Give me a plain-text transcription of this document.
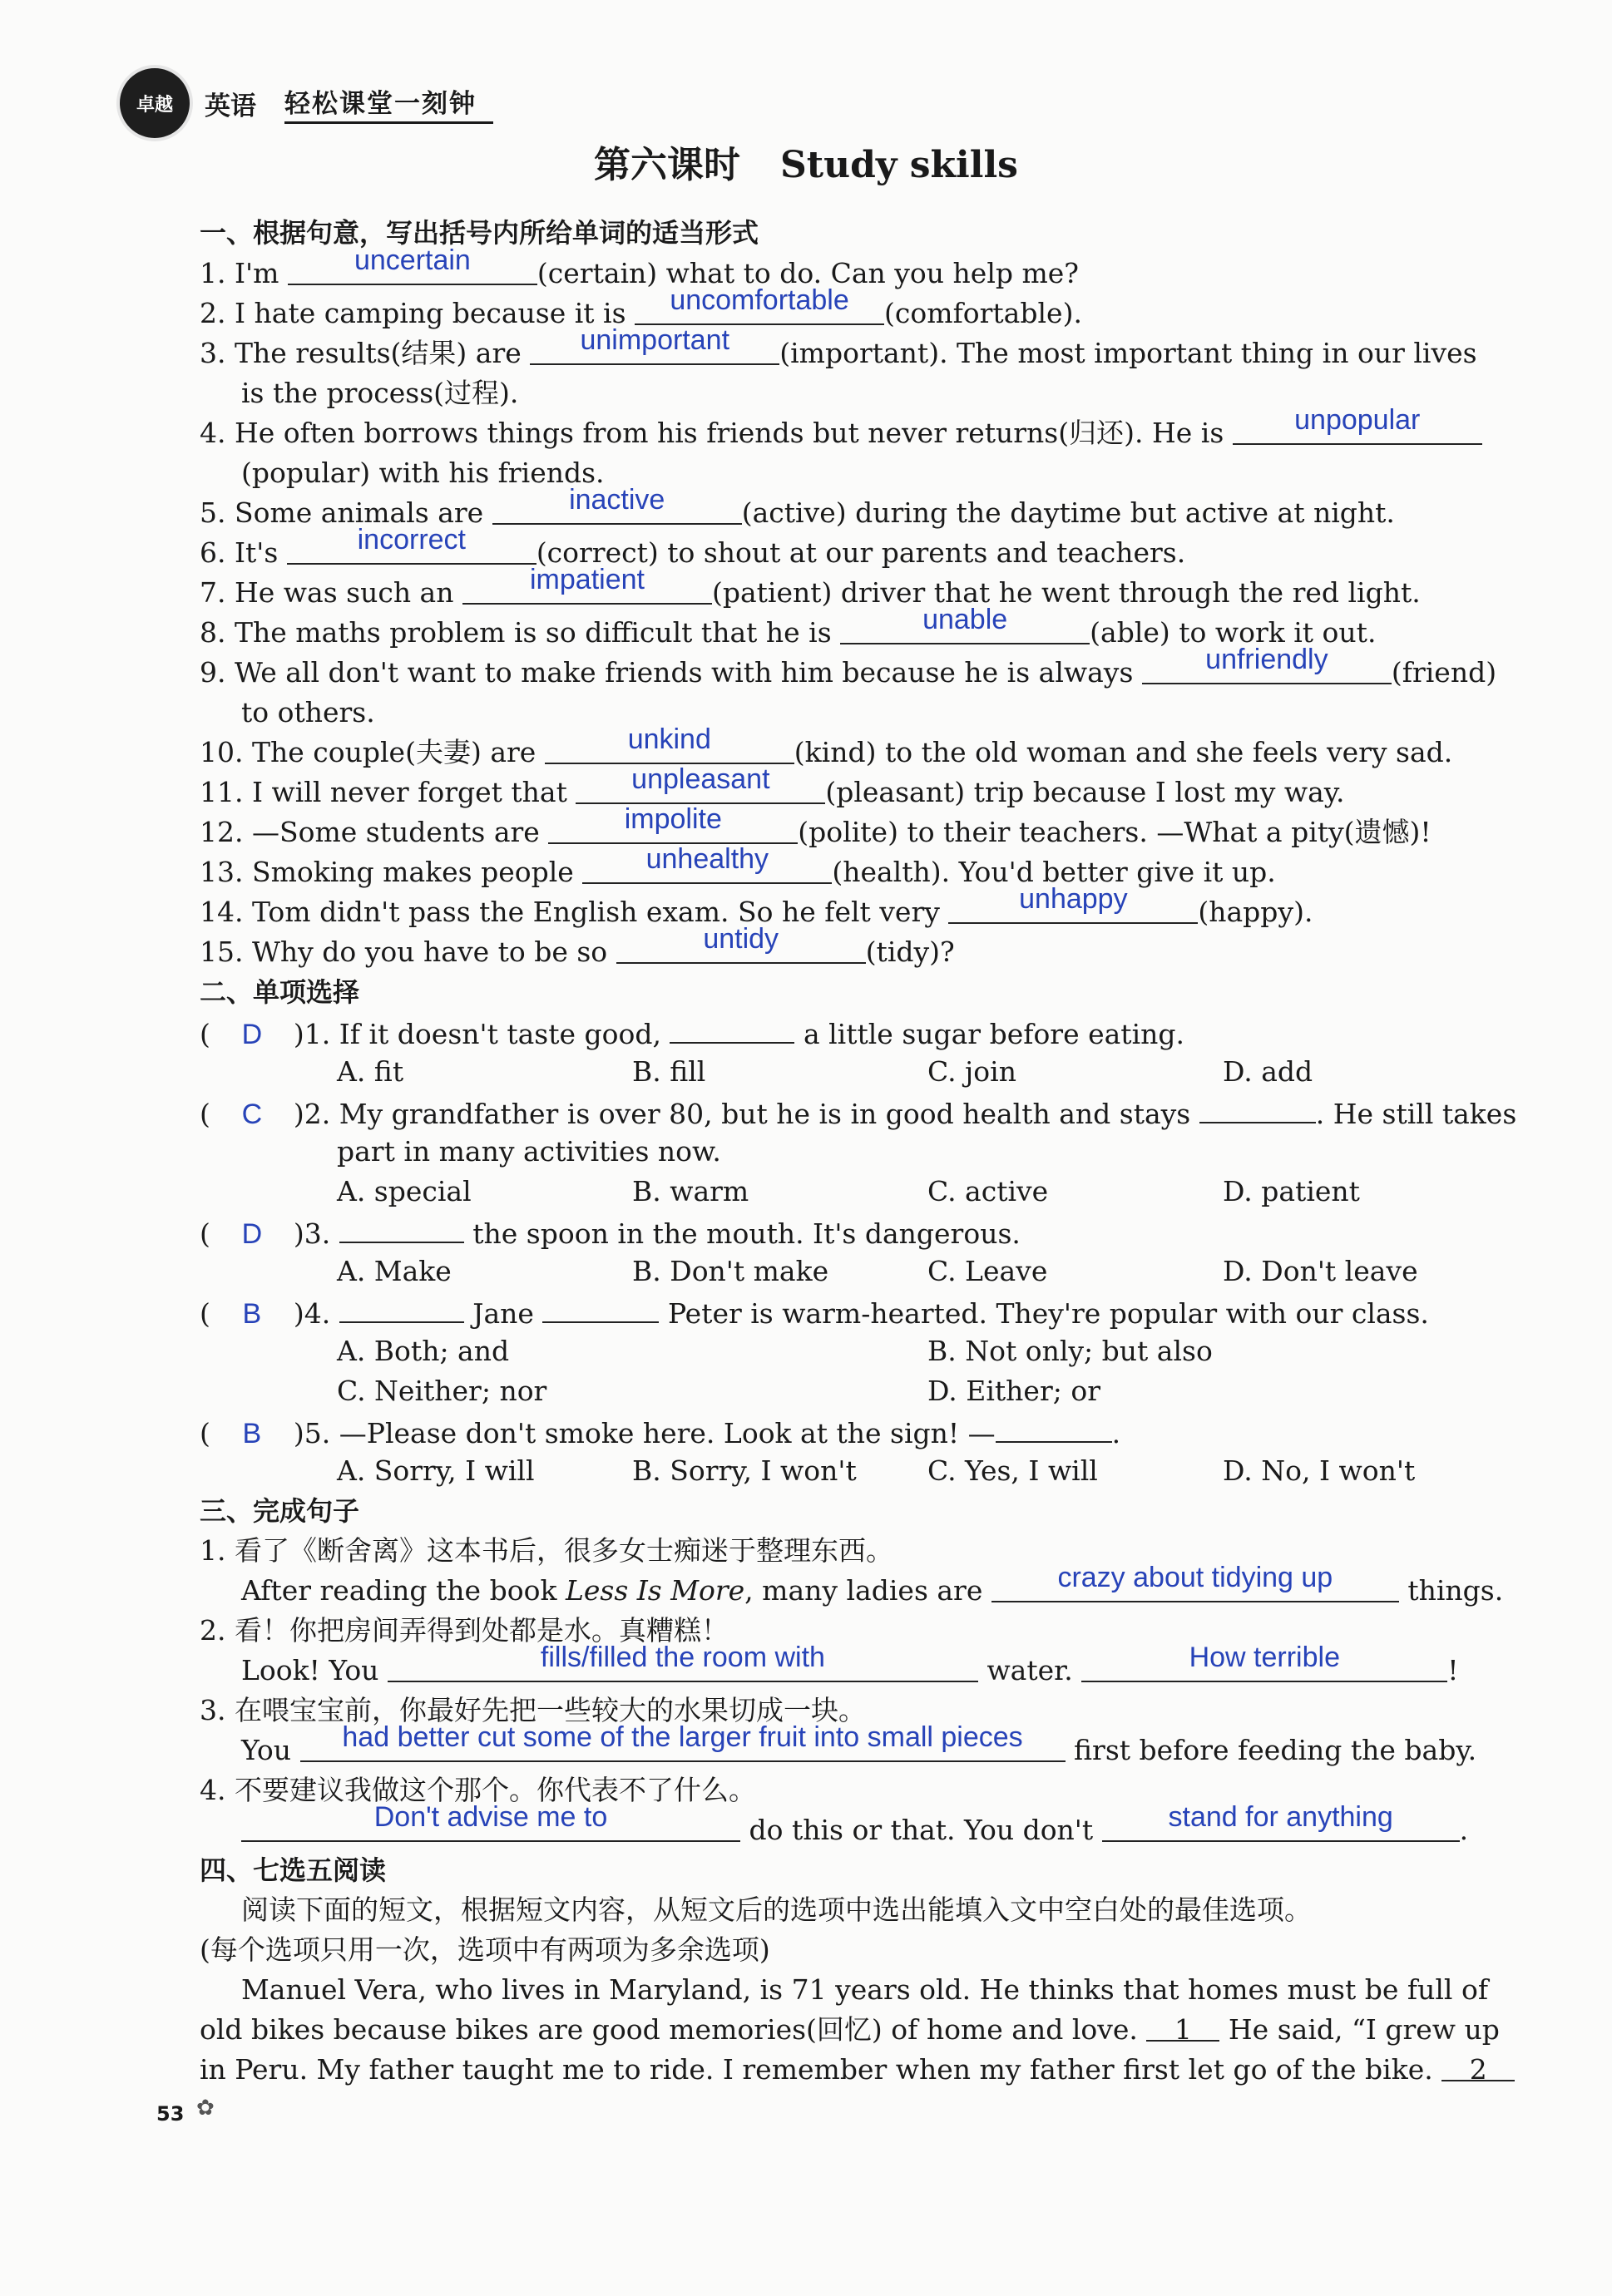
卓越	英语 轻松课堂一刻钟
第六课时 Study skills
一、根据句意，写出括号内所给单词的适当形式
1. I'm	uncertain (certain) what to do. Can you help me?
2. I hate camping because it is uncomfortable (comfortable).
3. The results(结果) are unimportant (important). The most important thing in our lives
is the process(过程).
4. He often borrows things from his friends but never returns(归还). He is unpopular
(popular) with his friends.
5. Some animals are	inactive	(active) during the daytime but active at night.
6. It's	incorrect	(correct) to shout at our parents and teachers.
7. He was such an	impatient (patient) driver that he went through the red light.
8. The maths problem is so difficult that he is	unable	(able) to work it out.
9. We all don't want to make friends with him because he is always	unfriendly (friend)
to others.
10. The couple(夫妻) are	unkind	(kind) to the old woman and she feels very sad.
11. I will never forget that unpleasant (pleasant) trip because I lost my way.
12. —Some students are	impolite	(polite) to their teachers. —What a pity(遗憾)!
13. Smoking makes people	unhealthy (health). You'd better give it up.
14. Tom didn't pass the English exam. So he felt very	unhappy	(happy).
15. Why do you have to be so	untidy	(tidy)?
二、单项选择
( D )1. If it doesn't taste good,	a little sugar before eating.
A. fit	B. fill	C. join	D. add
( C )2. My grandfather is over 80, but he is in good health and stays	. He still takes
part in many activities now.
A. special	B. warm	C. active	D. patient
( D )3.	the spoon in the mouth. It's dangerous.
A. Make	B. Don't make	C. Leave	D. Don't leave
( B )4.	Jane	Peter is warm-hearted. They're popular with our class.
A. Both; and	B. Not only; but also
C. Neither; nor	D. Either; or
( B )5. —Please don't smoke here. Look at the sign! —	.
A. Sorry, I will	B. Sorry, I won't	C. Yes, I will	D. No, I won't
三、完成句子
1. 看了《断舍离》这本书后，很多女士痴迷于整理东西。
After reading the book Less Is More, many ladies are	crazy about tidying up	things.
2. 看！你把房间弄得到处都是水。真糟糕！
Look! You	fills/filled the room with	water.	How terrible	!
3. 在喂宝宝前，你最好先把一些较大的水果切成一块。
You had better cut some of the larger fruit into small pieces first before feeding the baby.
4. 不要建议我做这个那个。你代表不了什么。
Don't advise me to	do this or that. You don't	stand for anything .
四、七选五阅读
阅读下面的短文，根据短文内容，从短文后的选项中选出能填入文中空白处的最佳选项。
(每个选项只用一次，选项中有两项为多余选项)
Manuel Vera, who lives in Maryland, is 71 years old. He thinks that homes must be full of
old bikes because bikes are good memories(回忆) of home and love. 1 He said, “I grew up
in Peru. My father taught me to ride. I remember when my father first let go of the bike. 2
53 ✿
